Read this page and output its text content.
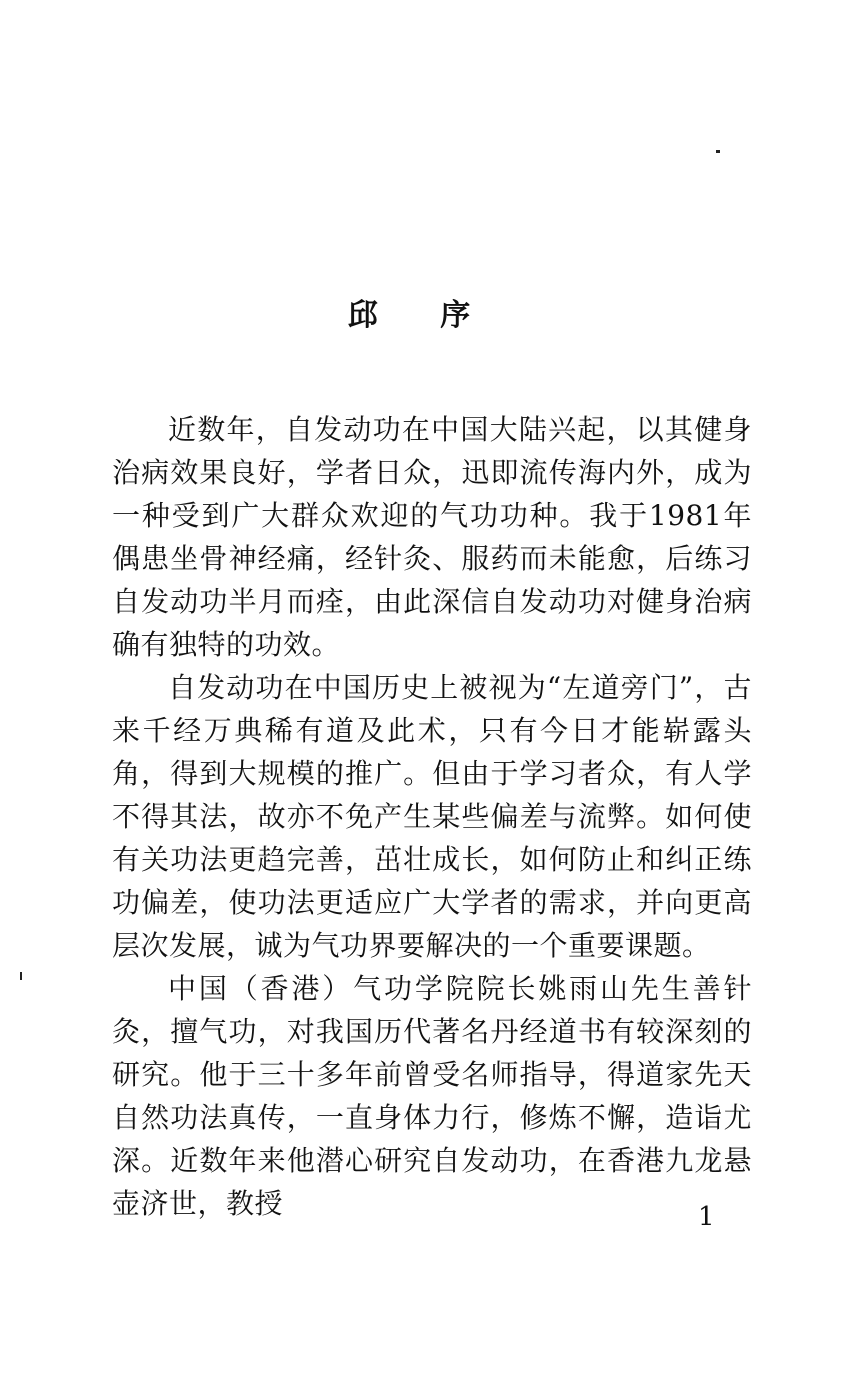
邱 序

近数年，自发动功在中国大陆兴起，以其健身治病效果良好，学者日众，迅即流传海内外，成为一种受到广大群众欢迎的气功功种。我于1981年偶患坐骨神经痛，经针灸、服药而未能愈，后练习自发动功半月而痊，由此深信自发动功对健身治病确有独特的功效。

自发动功在中国历史上被视为“左道旁门”，古来千经万典稀有道及此术，只有今日才能崭露头角，得到大规模的推广。但由于学习者众，有人学不得其法，故亦不免产生某些偏差与流弊。如何使有关功法更趋完善，茁壮成长，如何防止和纠正练功偏差，使功法更适应广大学者的需求，并向更高层次发展，诚为气功界要解决的一个重要课题。

中国（香港）气功学院院长姚雨山先生善针灸，擅气功，对我国历代著名丹经道书有较深刻的研究。他于三十多年前曾受名师指导，得道家先天自然功法真传，一直身体力行，修炼不懈，造诣尤深。近数年来他潜心研究自发动功，在香港九龙悬壶济世，教授	1
